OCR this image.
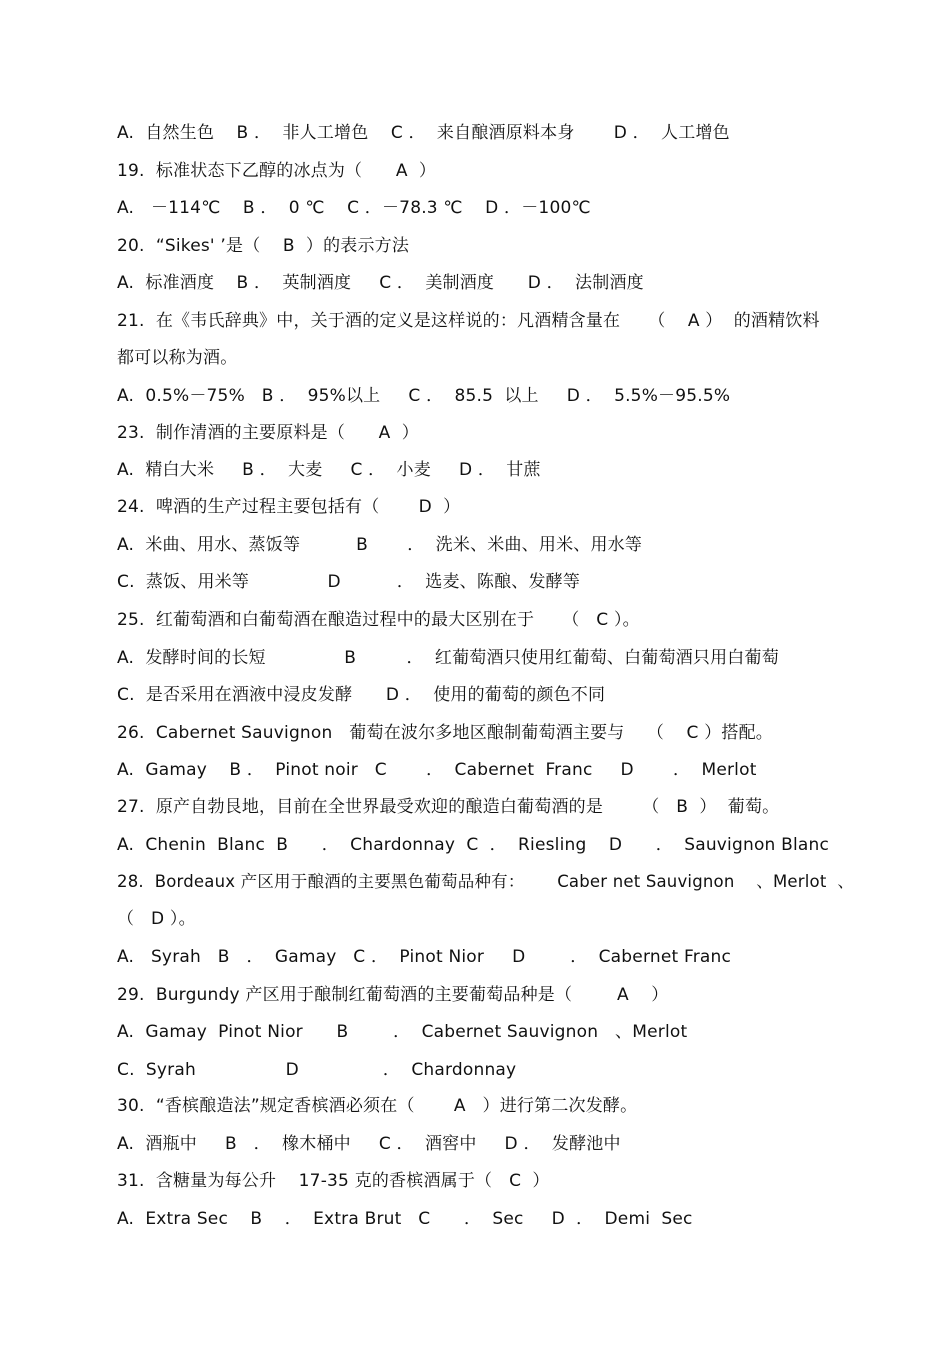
A.  自然生色    B ．  非人工增色    C ．  来自酿酒原料本身       D ．  人工增色
19.  标准状态下乙醇的冰点为（      A  ）
A.   －114℃    B ．  0 ℃    C ．－78.3 ℃    D ．－100℃
20.  “Sikes' ’是（    B  ）的表示方法
A.  标准酒度    B ．  英制酒度     C ．  美制酒度      D ．  法制酒度
21.  在《韦氏辞典》中，关于酒的定义是这样说的：凡酒精含量在     （    A ）  的酒精饮料
都可以称为酒。
A.  0.5%－75%   B ．  95%以上     C ．  85.5  以上     D ．  5.5%－95.5%
23.  制作清酒的主要原料是（      A  ）
A.  精白大米     B ．  大麦     C ．  小麦     D ．  甘蔗
24.  啤酒的生产过程主要包括有（       D  ）
A.  米曲、用水、蒸饭等          B       ．  洗米、米曲、用米、用水等
C.  蒸饭、用米等              D          ．  选麦、陈酿、发酵等
25.  红葡萄酒和白葡萄酒在酿造过程中的最大区别在于     （   C ）。
A.  发酵时间的长短              B         ．  红葡萄酒只使用红葡萄、白葡萄酒只用白葡萄
C.  是否采用在酒液中浸皮发酵      D ．  使用的葡萄的颜色不同
26.  Cabernet Sauvignon   葡萄在波尔多地区酿制葡萄酒主要与    （    C ）搭配。
A.  Gamay    B ．  Pinot noir   C       ．  Cabernet  Franc     D       ．  Merlot
27.  原产自勃艮地，目前在全世界最受欢迎的酿造白葡萄酒的是       （   B  ）  葡萄。
A.  Chenin  Blanc  B      ．  Chardonnay  C  ．  Riesling    D      ．  Sauvignon Blanc
28.  Bordeaux 产区用于酿酒的主要黑色葡萄品种有：      Caber net Sauvignon    、Merlot  、
（   D ）。
A.   Syrah   B   ．  Gamay   C ．  Pinot Nior     D        ．  Cabernet Franc
29.  Burgundy 产区用于酿制红葡萄酒的主要葡萄品种是（        A    ）
A.  Gamay  Pinot Nior      B        ．  Cabernet Sauvignon   、Merlot
C.  Syrah                D               ．  Chardonnay
30.  “香槟酿造法”规定香槟酒必须在（       A   ）进行第二次发酵。
A.  酒瓶中     B   ．  橡木桶中     C ．  酒窖中     D ．  发酵池中
31.  含糖量为每公升    17-35 克的香槟酒属于（   C  ）
A.  Extra Sec    B    ．  Extra Brut   C      ．  Sec     D  ．  Demi  Sec
